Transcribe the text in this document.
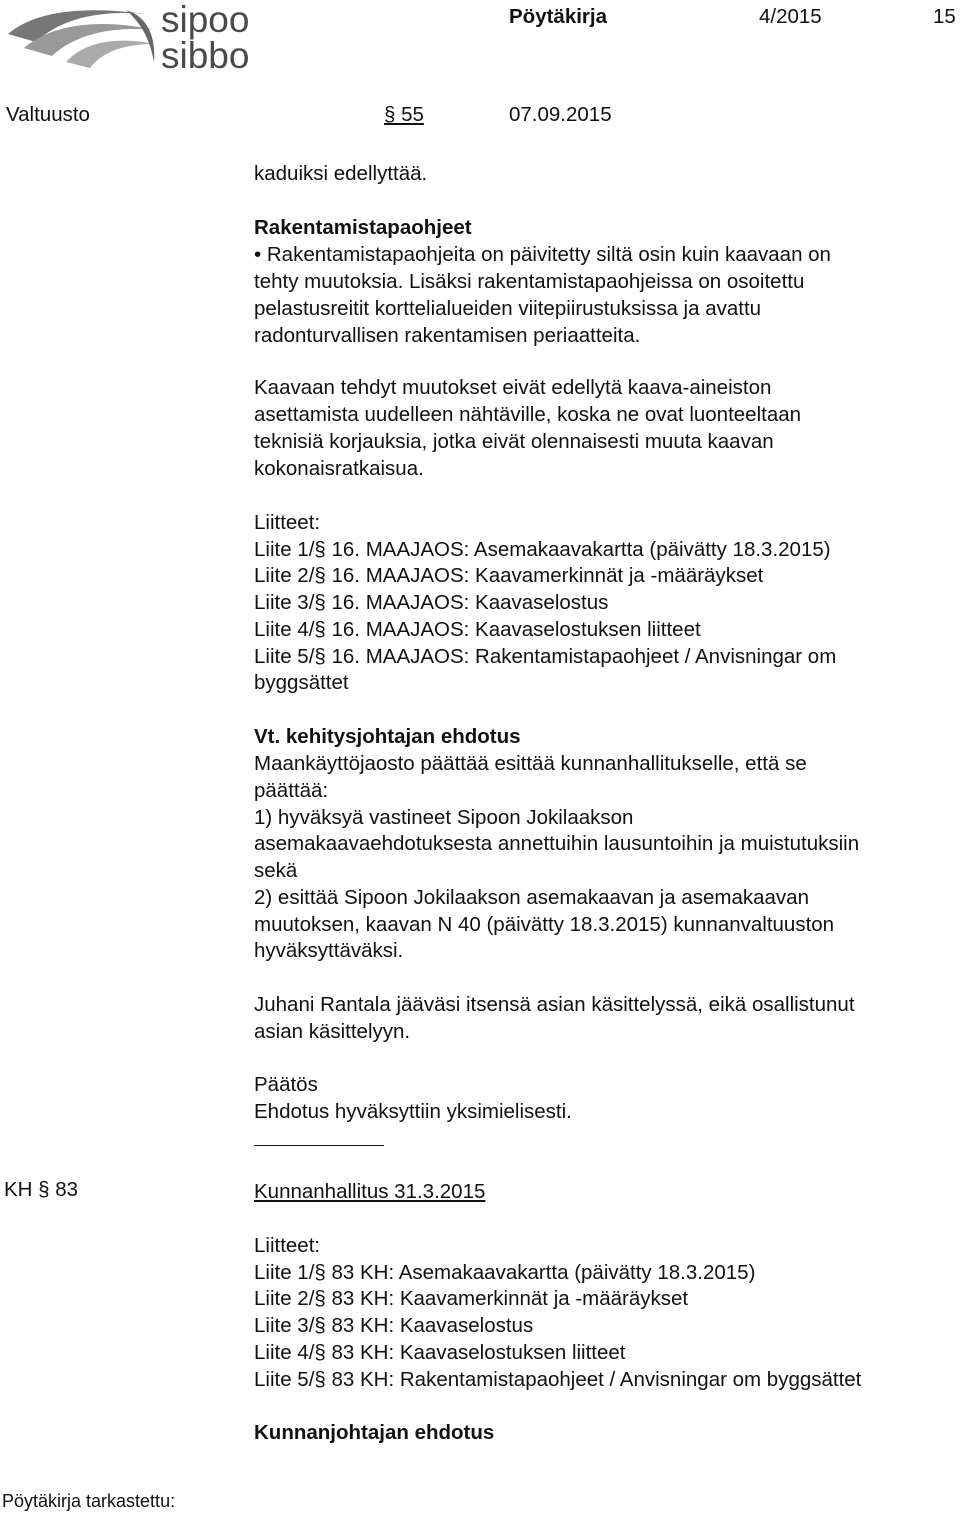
sipoo
sibbo
Pöytäkirja	4/2015	15
Valtuusto	§ 55	07.09.2015
kaduiksi edellyttää.
Rakentamistapaohjeet
• Rakentamistapaohjeita on päivitetty siltä osin kuin kaavaan on
tehty muutoksia. Lisäksi rakentamistapaohjeissa on osoitettu
pelastusreitit korttelialueiden viitepiirustuksissa ja avattu
radonturvallisen rakentamisen periaatteita.
Kaavaan tehdyt muutokset eivät edellytä kaava-aineiston
asettamista uudelleen nähtäville, koska ne ovat luonteeltaan
teknisiä korjauksia, jotka eivät olennaisesti muuta kaavan
kokonaisratkaisua.
Liitteet:
Liite 1/§ 16. MAAJAOS: Asemakaavakartta (päivätty 18.3.2015)
Liite 2/§ 16. MAAJAOS: Kaavamerkinnät ja -määräykset
Liite 3/§ 16. MAAJAOS: Kaavaselostus
Liite 4/§ 16. MAAJAOS: Kaavaselostuksen liitteet
Liite 5/§ 16. MAAJAOS: Rakentamistapaohjeet / Anvisningar om
byggsättet
Vt. kehitysjohtajan ehdotus
Maankäyttöjaosto päättää esittää kunnanhallitukselle, että se
päättää:
1) hyväksyä vastineet Sipoon Jokilaakson
asemakaavaehdotuksesta annettuihin lausuntoihin ja muistutuksiin
sekä
2) esittää Sipoon Jokilaakson asemakaavan ja asemakaavan
muutoksen, kaavan N 40 (päivätty 18.3.2015) kunnanvaltuuston
hyväksyttäväksi.
Juhani Rantala jääväsi itsensä asian käsittelyssä, eikä osallistunut
asian käsittelyyn.
Päätös
Ehdotus hyväksyttiin yksimielisesti.
Kunnanhallitus 31.3.2015
Liitteet:
Liite 1/§ 83 KH: Asemakaavakartta (päivätty 18.3.2015)
Liite 2/§ 83 KH: Kaavamerkinnät ja -määräykset
Liite 3/§ 83 KH: Kaavaselostus
Liite 4/§ 83 KH: Kaavaselostuksen liitteet
Liite 5/§ 83 KH: Rakentamistapaohjeet / Anvisningar om byggsättet
Kunnanjohtajan ehdotus
KH § 83
Pöytäkirja tarkastettu:
